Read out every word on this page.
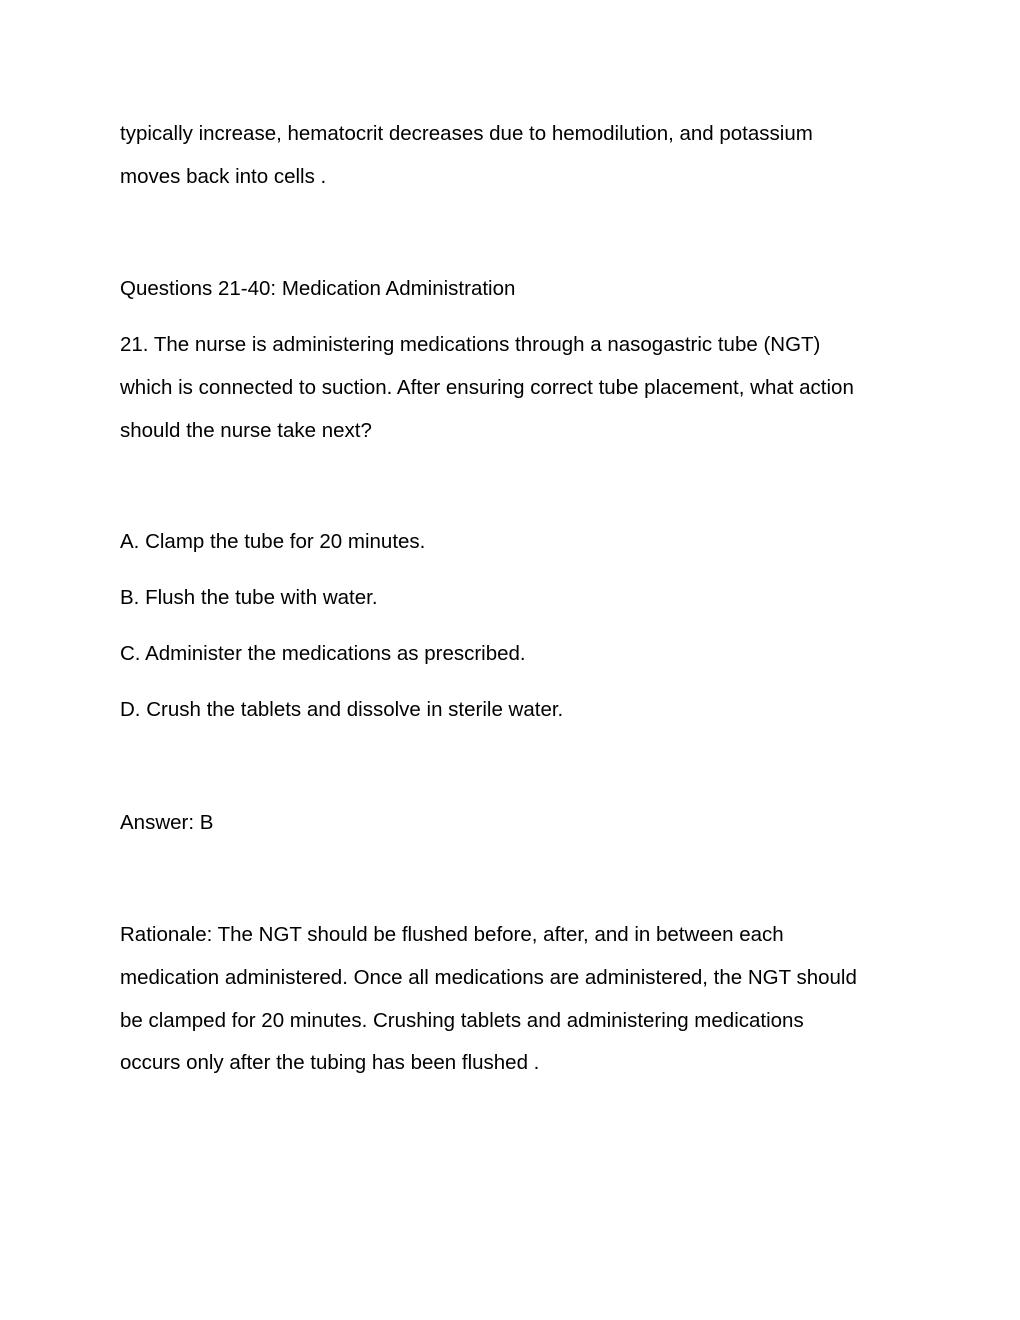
typically increase, hematocrit decreases due to hemodilution, and potassium
moves back into cells .
Questions 21-40: Medication Administration
21. The nurse is administering medications through a nasogastric tube (NGT)
which is connected to suction. After ensuring correct tube placement, what action
should the nurse take next?
A. Clamp the tube for 20 minutes.
B. Flush the tube with water.
C. Administer the medications as prescribed.
D. Crush the tablets and dissolve in sterile water.
Answer: B
Rationale: The NGT should be flushed before, after, and in between each
medication administered. Once all medications are administered, the NGT should
be clamped for 20 minutes. Crushing tablets and administering medications
occurs only after the tubing has been flushed .
